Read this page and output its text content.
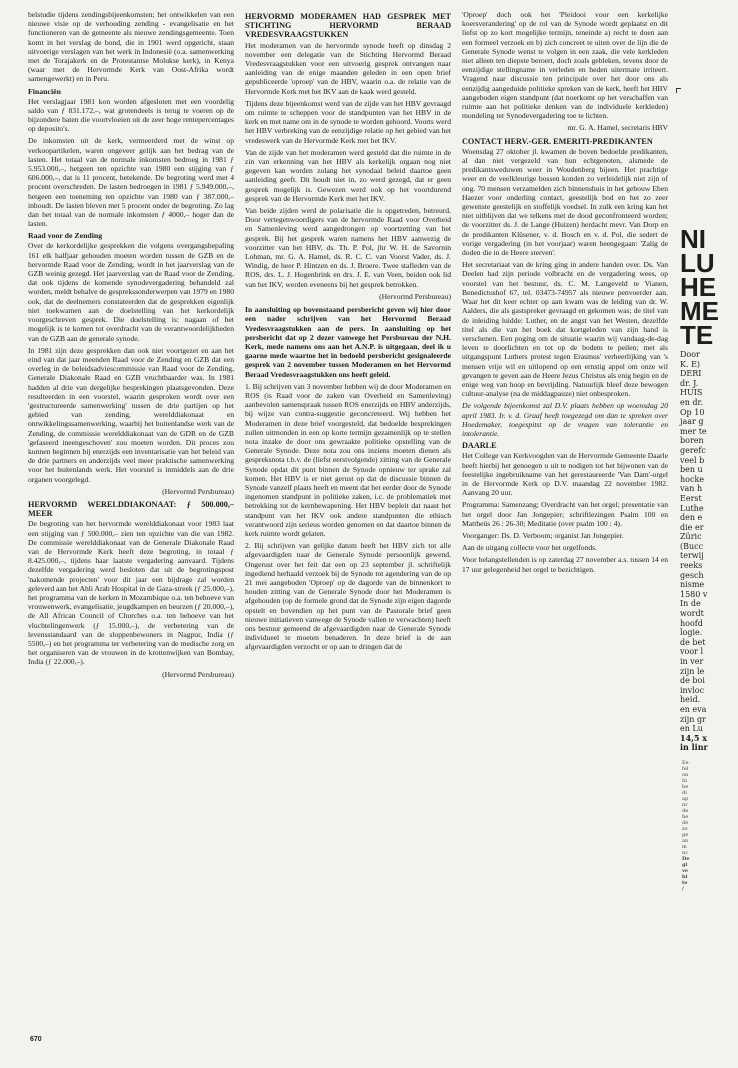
belstudie tijdens zendingsbijeenkomsten; het ontwikkelen van een nieuwe visie op de verhouding zending - evangelisatie en het functioneren van de gemeente als nieuwe zendingsgemeente. Toen komt in het verslag de bond, die in 1901 werd opgericht, staan uitvoerige verslagen van het werk in Indonesië (o.a. samenwerking met de Torajakerk en de Protestantse Molukse kerk), in Kenya (waar met de Hervormde Kerk van Oost-Afrika wordt samengewerkt) en in Peru.

Financiën

Het verslagjaar 1981 kon worden afgesloten met een voordelig saldo van ƒ 831.172,–, wat grotendeels is terug te voeren op de bijzondere baten die voortvloeien uit de zeer hoge rentepercentages op deposito's.

De inkomsten uit de kerk, vermeerderd met de winst op verkoopartikelen, waren ongeveer gelijk aan het bedrag van de lasten. Het totaal van de normale inkomsten bedroeg in 1981 ƒ 5.953.000,–, hetgeen ten opzichte van 1980 een stijging van ƒ 606.000,–, dat is 11 procent, betekende. De begroting werd met 4 procent overschreden. De lasten bedroegen in 1981 ƒ 5.949.000,–, hetgeen een toeneming ten opzichte van 1980 van ƒ 387.000,– inhoudt. De lasten bleven met 5 procent onder de begroting. Zo lag dan het totaal van de normale inkomsten ƒ 4000,– hoger dan de lasten.

Raad voor de Zending

Over de kerkordelijke gesprekken die volgens overgangsbepaling 161 elk halfjaar gehouden moeten worden tussen de GZB en de hervormde Raad voor de Zending, wordt in het jaarverslag van de GZB weinig gezegd. Het jaarverslag van de Raad voor de Zending, dat ook tijdens de komende synodevergadering behandeld zal worden, meldt behalve de gesprekssonderwerpen van 1979 en 1980 ook, dat de deelnemers constateerden dat de gesprekken eigenlijk niet toekwamen aan de doelstelling van het kerkordelijk voorgeschreven gesprek. Die doelstelling is: nagaan of het mogelijk is te komen tot overdracht van de verantwoordelijkheden van de GZB aan de generale synode.

In 1981 zijn deze gesprekken dan ook niet voortgezet en aan het eind van dat jaar meenden Raad voor de Zending en GZB dat een overleg in de beleidsadviescommissie van Raad voor de Zending, Generale Diakonale Raad en GZB vruchtbaarder was. In 1981 hadden al drie van dergelijke besprekingen plaatsgevonden. Deze resulteerden in een voorstel, waarin gesproken wordt over een 'gestructureerde samenwerking' tussen de drie partijen op het gebied van zending, werelddiakonaat en ontwikkelingssamenwerking, waarbij het buitenlandse werk van de Zending, de commissie werelddiakonaat van de GDR en de GZB 'gefaseerd ineengeschoven' zou moeten worden. Dit proces zou kunnen beginnen bij enerzijds een inventarisatie van het beleid van de drie partners en anderzijds veel meer praktische samenwerking voor het buitenlands werk. Het voorstel is inmiddels aan de drie organen voorgelegd.

(Hervormd Persbureau)

HERVORMD WERELDDIAKONAAT: ƒ 500.000,– MEER

De begroting van het hervormde werelddiakonaat voor 1983 laat een stijging van ƒ 500.000,– zien ten opzichte van die van 1982. De commissie werelddiakonaat van de Generale Diakonale Raad van de Hervormde Kerk heeft deze begroting, in totaal ƒ 8.425.000,–, tijdens haar laatste vergadering aanvaard. Tijdens dezelfde vergadering werd besloten dat uit de begrotingspost 'nakomende projecten' voor dit jaar een bijdrage zal worden geleverd aan het Ahli Arab Hospital in de Gaza-streek (ƒ 25.000,–), het programma van de kerken in Mozambique o.a. ten behoeve van vrouwenwerk, evangelisatie, jeugdkampen en beurzen (ƒ 20.000,–), de All African Council of Churches o.a. ten behoeve van het vluchtelingenwerk (ƒ 15.000,–), de verbetering van de levensstandaard van de sloppenbewoners in Nagpur, India (ƒ 5500,–) en het programma ter verbetering van de medische zorg en het organiseren van de vrouwen in de krottenwijken van Bombay, India (ƒ 22.000,–).

(Hervormd Persbureau)

HERVORMD MODERAMEN HAD GESPREK MET STICHTING HERVORMD BERAAD VREDESVRAAGSTUKKEN

Het moderamen van de hervormde synode heeft op dinsdag 2 november een delegatie van de Stichting Hervormd Beraad Vredesvraagstukken voor een uitvoerig gesprek ontvangen naar aanleiding van de enige maanden geleden in een open brief gepubliceerde 'oproep' van de HBV, waarin o.a. de relatie van de Hervormde Kerk met het IKV aan de kaak werd gesteld.

Tijdens deze bijeenkomst werd van de zijde van het HBV gevraagd om ruimte te scheppen voor de standpunten van het HBV in de kerk en met name om in de synode te worden gehoord. Voorts werd het HBV verbreking van de eenzijdige relatie op het gebied van het vredeswerk van de Hervormde Kerk met het IKV.

Van de zijde van het moderamen werd gesteld dat die ruimte in de zin van erkenning van het HBV als kerkelijk orgaan nog niet gegeven kan worden zolang het synodaal beleid daartoe geen aanleiding geeft. Dit houdt niet in, zo werd gezegd, dat er geen gesprek mogelijk is. Gewezen werd ook op het voortdurend gesprek van de Hervormde Kerk met het IKV.

Van beide zijden werd de polarisatie die is opgetreden, betreurd. Door vertegenwoordigers van de hervormde Raad voor Overheid en Samenleving werd aangedrongen op voortzetting van het gesprek. Bij het gesprek waren namens het HBV aanwezig de voorzitter van het HBV, ds. Th. P. Pol, jhr W. H. de Savornin Lohman, mr. G. A. Hamel, ds. R. C. C. van Voorst Vader, ds. J. Windig, de heer P. Hintzen en ds. J. Broere. Twee stafleden van de ROS, drs. L. J. Hogenbrink en drs. J. E. van Veen, beiden ook lid van het IKV, werden eveneens bij het gesprek betrokken.

(Hervormd Persbureau)

In aansluiting op bovenstaand persbericht geven wij hier door een nader schrijven van het Hervormd Beraad Vredesvraagstukken aan de pers. In aansluiting op het persbericht dat op 2 dezer vanwege het Persbureau der N.H. Kerk, mede namens ons aan het A.N.P. is uitgegaan, deel ik u gaarne mede waartoe het in bedoeld persbericht gesignaleerde gesprek van 2 november tussen Moderamen en het Hervormd Beraad Vredesvraagstukken ons heeft geleid.

1. Bij schrijven van 3 november hebben wij de door Moderamen en ROS (is Raad voor de zaken van Overheid en Samenleving) aanbevolen samenspraak tussen ROS enerzijds en HBV anderzijds, bij wijze van contra-suggestie geconcreteerd. Wij hebben het Moderamen in deze brief voorgesteld, dat bedoelde besprekingen zullen uitmonden in een op korte termijn gezamenlijk op te stellen nota inzake de door ons gewraakte politieke opstelling van de Generale Synode. Deze nota zou ons inziens moeten dienen als gespreksnota t.b.v. de (liefst eerstvolgende) zitting van de Generale Synode opdat dit punt binnen de Synode opnieuw ter sprake zal komen. Het HBV is er niet gerust op dat de discussie binnen de Synode vanzelf plaats heeft en meent dat het eerder door de Synode ingenomen standpunt in politieke zaken, i.c. de problematiek met betrekking tot de kernbewapening. Het HBV bepleit dat naast het standpunt van het IKV ook andere standpunten die ethisch verantwoord zijn serieus worden genomen en dat daartoe binnen de kerk ruimte wordt gelaten.

2. Bij schrijven van gelijke datum heeft het HBV zich tot alle afgevaardigden naar de Generale Synode persoonlijk gewend. Ongerust over het feit dat een op 23 september jl. schriftelijk ingediend herhaald verzoek bij de Synode tot agendering van de op 21 mei aangeboden 'Oproep' op de dagorde van de binnenkort te houden zitting van de Generale Synode door het Moderamen is afgehouden (op de formele grond dat de Synode zijn eigen dagorde opstelt en bovendien op het punt van de Pastorale brief geen nieuwe initiatieven vanwege de Synode vallen te verwachten) heeft ons bestuur gemeend de afgevaardigden naar de Generale Synode individueel te moeten benaderen. In deze brief is de aan afgevaardigden verzocht er op aan te dringen dat de

'Oproep' doch ook het 'Pleidooi voor een kerkelijke koersverandering' op de rol van de Synode wordt geplaatst en dit liefst op zo kort mogelijke termijn, teneinde a) recht te doen aan een formeel verzoek en b) zich concreet te uiten over de lijn die de Generale Synode wenst te volgen in een zaak, die vele kerkleden niet alleen ten diepste beroert, doch zoals gebleken, tevens door de eenzijdige stellingname in verleden en heden uitermate irriteert. Vragend naar discussie ten principale over het door ons als eenzijdig aangeduide politieke spreken van de kerk, heeft het HBV aangeboden eigen standpunt (dat noerkomt op het verschaffen van ruimte aan het politieke denken van de individuele kerkleden) mondeling ter Synodevergadering toe te lichten.

mr. G. A. Hamel, secretaris HBV

CONTACT HERV.-GER. EMERITI-PREDIKANTEN

Woensdag 27 oktober jl. kwamen de boven bedoelde predikanten, al dan niet vergezeld van hun echtgenoten, alsmede de predikantsweduwen weer in Woudenberg bijeen. Het prachtige weer en de veelkleurige bossen konden zo verleidelijk niet zijn of ong. 70 mensen verzamelden zich binnenshuis in het gebouw Eben Haezer voor onderling contact, geestelijk bod en het zo zeer gewenste geestelijk en stoffelijk voedsel. In zulk een kring kan het niet uitblijven dat we telkens met de dood geconfronteerd worden; de voorzitter ds. J. de Lange (Huizen) herdacht mevr. Van Dorp en de predikanten Klüsener, v. d. Bosch en v. d. Pol, die sedert de vorige vergadering (in het voorjaar) waren heengegaan: 'Zalig de doden die in de Heere sterven'.

Het secretariaat van de kring ging in andere handen over. Ds. Van Deelen had zijn periode volbracht en de vergadering wees, op voorstel van het bestuur, ds. C. M. Langeveld te Vianen, Benedictushof 67, tel. 03473-74957 als nieuwe penvoerder aan. Waar het dit keer echter op aan kwam was de leiding van dr. W. Aalders, die als gastspreker gevraagd en gekomen was; de titel van de inleiding luidde: Luther, en de angst van het Westen, dezelfde titel als die van het boek dat kortgeleden van zijn hand is verschenen. Een poging om de situatie waarin wij vandaag-de-dag leven te doorlichten en tot op de bodem te peilen; met als uitgangspunt Luthers protest tegen Erasmus' verheerlijking van 's mensen vrije wil en uitlopend op een ernstig appel om onze wil gevangen te geven aan de Heere Jezus Christus als enig begin en de enige weg van hoop en bevrijding. Natuurlijk bleef deze bewogen cultuur-analyse (na de middagpauze) niet onbesproken.

De volgende bijeenkomst zal D.V. plaats hebben op woensdag 20 april 1983. Ir. v. d. Graaf heeft toegezegd om dan te spreken over Hoedemaker, toegespitst op de vragen van tolerantie en intolerantie.

DAARLE

Het College van Kerkvoogden van de Hervormde Gemeente Daarle heeft hierbij het genoegen u uit te nodigen tot het bijwonen van de feestelijke ingebruikname van het gerestaureerde 'Van Dam'-orgel in de Hervormde Kerk op D.V. maandag 22 november 1982. Aanvang 20 uur.

Programma: Samenzang; Overdracht van het orgel; presentatie van het orgel door Jan Jongepier; schriftlezingen Psalm 100 en Mattheüs 26 : 26-30; Meditatie (over psalm 100 : 4).

Voorganger: Ds. D. Verboom; organist Jan Jongepier.

Aan de uitgang collecte voor het orgelfonds.

Voor belangstellenden is op zaterdag 27 november a.s. tussen 14 en 17 uur gelegenheid het orgel te bezichtigen.

NI
LU
HE
ME
TE
Door
K. E)
DERI
dr. J.
HUIS
en dr.
Op 10
jaar g
mer te
boren
gerefc
veel b
ben u
hocke
van h
Eerst
Luthe
den e
die er
Züric
(Bucc
terwij
reeks
gesch
nisme
1580 v
In de
wordt
hoofd
logie.
de bet
voor l
in ver
zijn le
de boi
invloc
heid.
en eva
zijn gr
en Lu
14,5 x
in linr
Ee
fel
on
In
be
di
ap
nr
de
he
de
zo
ge
an
m
nc
De
gi
ve
bi
te
/
670
